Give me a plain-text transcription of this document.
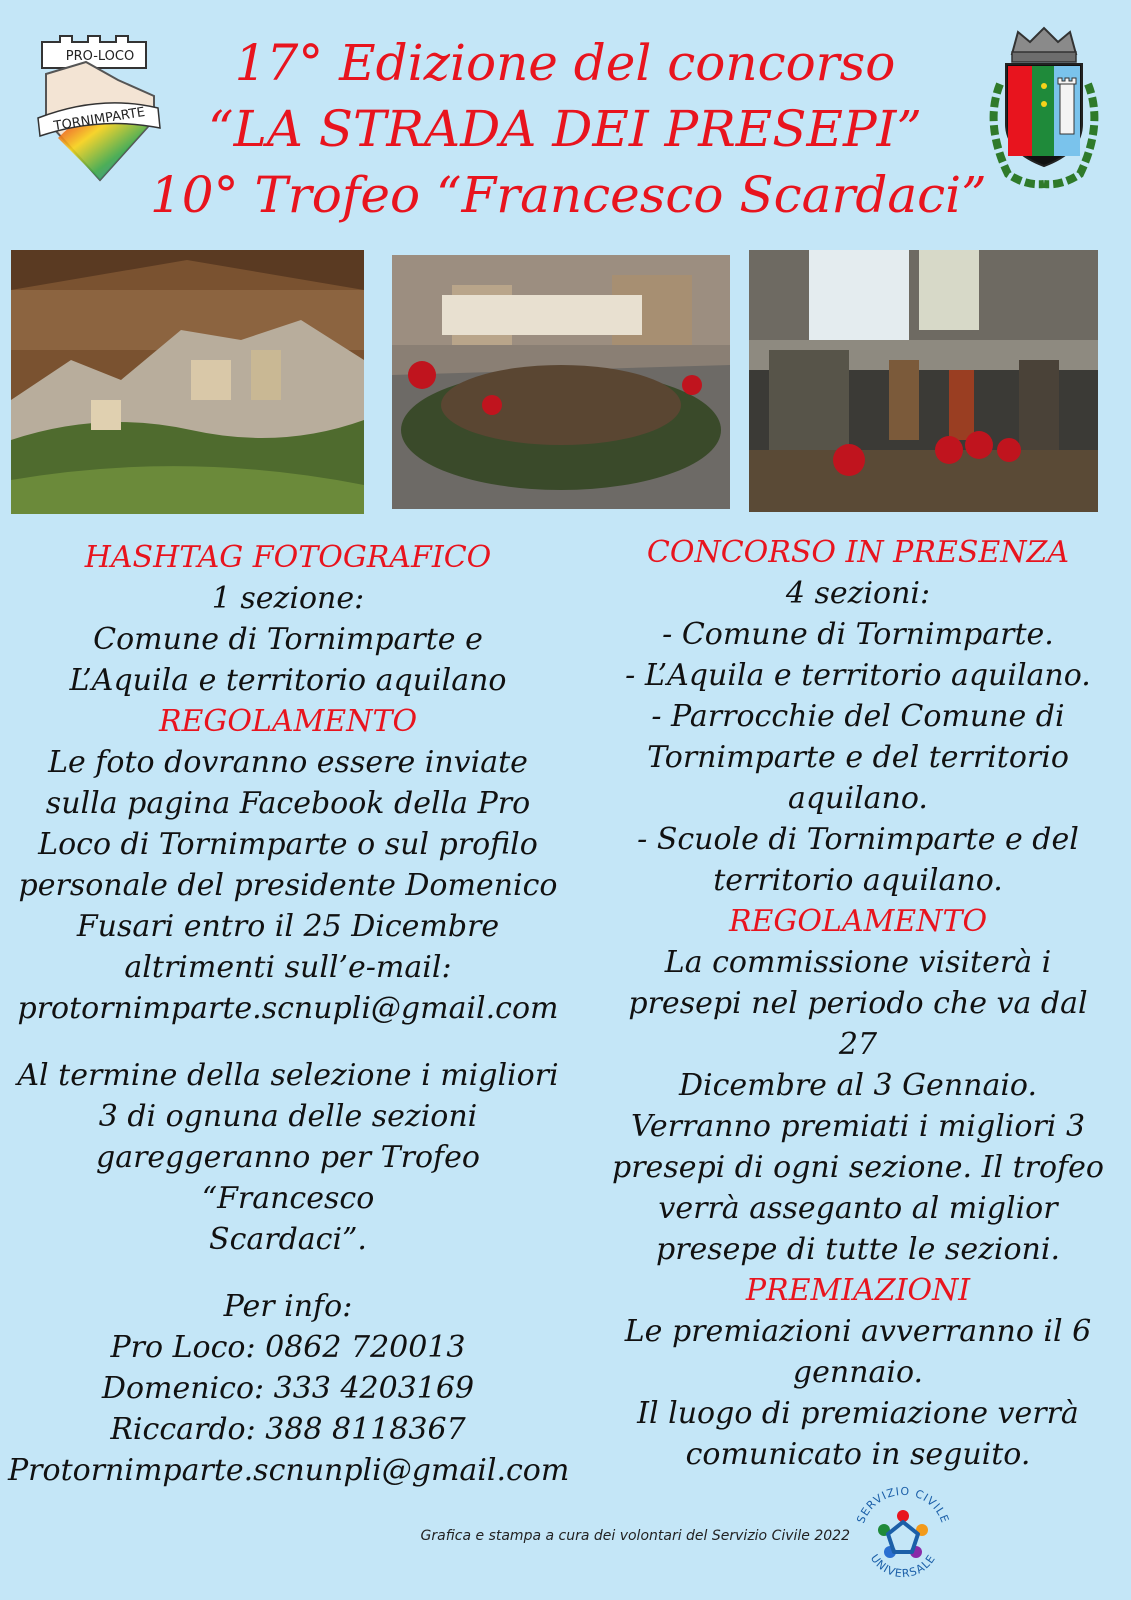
PRO-LOCO
TORNIMPARTE
17° Edizione del concorso
“LA STRADA DEI PRESEPI”
10° Trofeo “Francesco Scardaci”
HASHTAG FOTOGRAFICO
1 sezione:
Comune di Tornimparte e
L’Aquila e territorio aquilano
REGOLAMENTO
Le foto dovranno essere inviate
sulla pagina Facebook della Pro
Loco di Tornimparte o sul profilo
personale del presidente Domenico
Fusari entro il 25 Dicembre
altrimenti sull’e-mail:
protornimparte.scnupli@gmail.com
Al termine della selezione i migliori
3 di ognuna delle sezioni
gareggeranno per Trofeo “Francesco
Scardaci”.
Per info:
Pro Loco: 0862 720013
Domenico: 333 4203169
Riccardo: 388 8118367
Protornimparte.scnunpli@gmail.com
CONCORSO IN PRESENZA
4 sezioni:
- Comune di Tornimparte.
- L’Aquila e territorio aquilano.
- Parrocchie del Comune di
Tornimparte e del territorio
aquilano.
- Scuole di Tornimparte e del
territorio aquilano.
REGOLAMENTO
La commissione visiterà i
presepi nel periodo che va dal 27
Dicembre al 3 Gennaio.
Verranno premiati i migliori 3
presepi di ogni sezione. Il trofeo
verrà asseganto al miglior
presepe di tutte le sezioni.
PREMIAZIONI
Le premiazioni avverranno il 6
gennaio.
Il luogo di premiazione verrà
comunicato in seguito.
Grafica e stampa a cura dei volontari del Servizio Civile 2022
SERVIZIO CIVILE
UNIVERSALE
